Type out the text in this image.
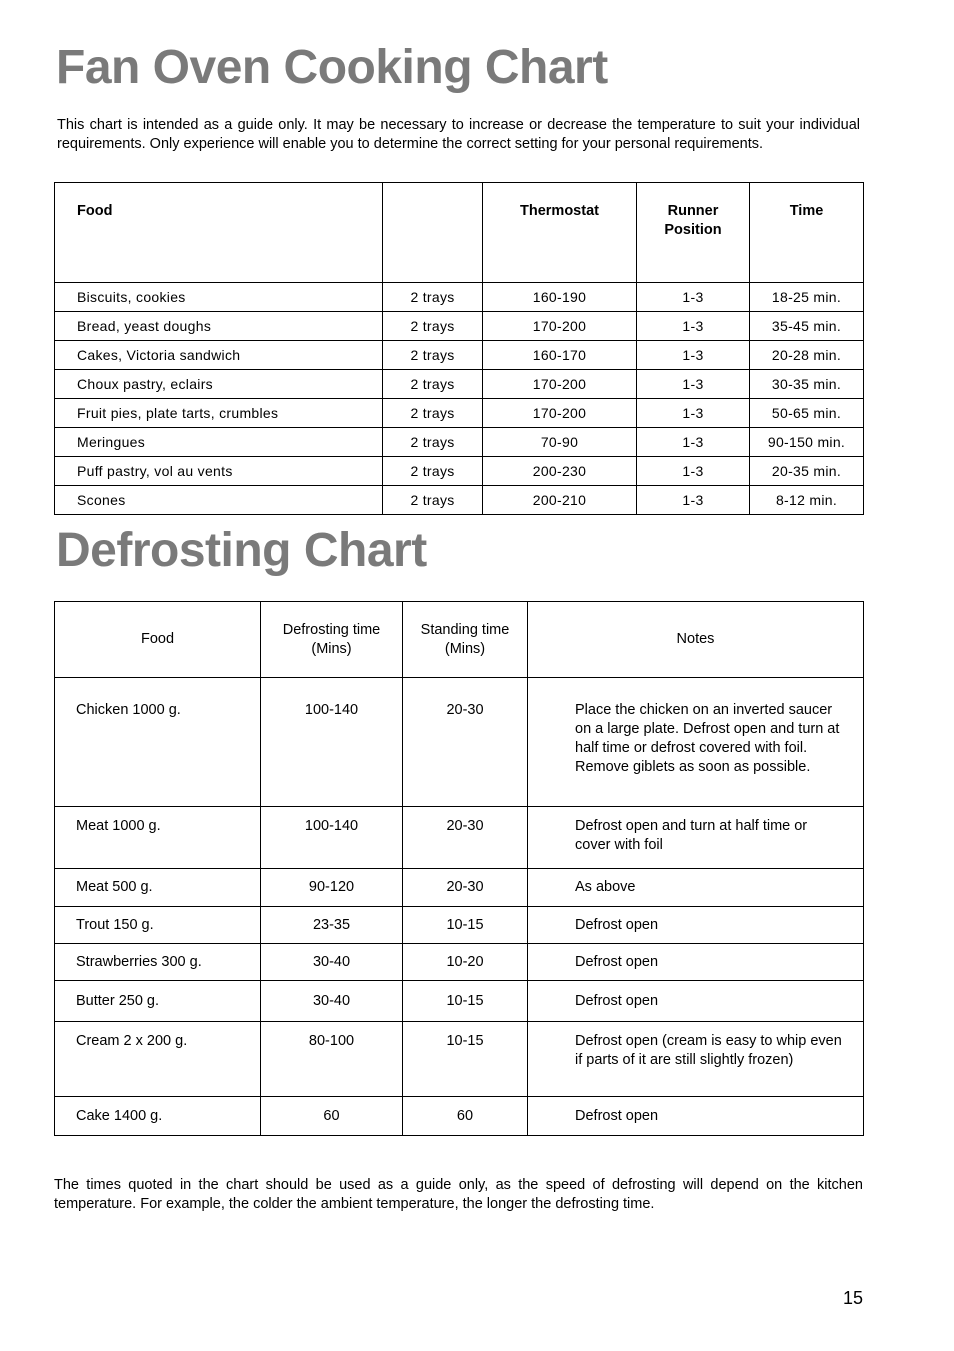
Fan Oven Cooking Chart

This chart is intended as a guide only. It may be necessary to increase or decrease the temperature to suit your individual requirements. Only experience will enable you to determine the correct setting for your personal requirements.

Food		Thermostat	Runner Position	Time
Biscuits, cookies	2 trays	160-190	1-3	18-25 min.
Bread, yeast doughs	2 trays	170-200	1-3	35-45 min.
Cakes, Victoria sandwich	2 trays	160-170	1-3	20-28 min.
Choux pastry, eclairs	2 trays	170-200	1-3	30-35 min.
Fruit pies, plate tarts, crumbles	2 trays	170-200	1-3	50-65 min.
Meringues	2 trays	70-90	1-3	90-150 min.
Puff pastry, vol au vents	2 trays	200-230	1-3	20-35 min.
Scones	2 trays	200-210	1-3	8-12 min.
Defrosting Chart
Food	Defrosting time (Mins)	Standing time (Mins)	Notes
Chicken 1000 g.	100-140	20-30	Place the chicken on an inverted saucer on a large plate. Defrost open and turn at half time or defrost covered with foil. Remove giblets as soon as possible.
Meat 1000 g.	100-140	20-30	Defrost open and turn at half time or cover with foil
Meat 500 g.	90-120	20-30	As above
Trout 150 g.	23-35	10-15	Defrost open
Strawberries 300 g.	30-40	10-20	Defrost open
Butter 250 g.	30-40	10-15	Defrost open
Cream 2 x 200 g.	80-100	10-15	Defrost open (cream is easy to whip even if parts of it are still slightly frozen)
Cake 1400 g.	60	60	Defrost open

The times quoted in the chart should be used as a guide only, as the speed of defrosting will depend on the kitchen temperature. For example, the colder the ambient temperature, the longer the defrosting time.

15
